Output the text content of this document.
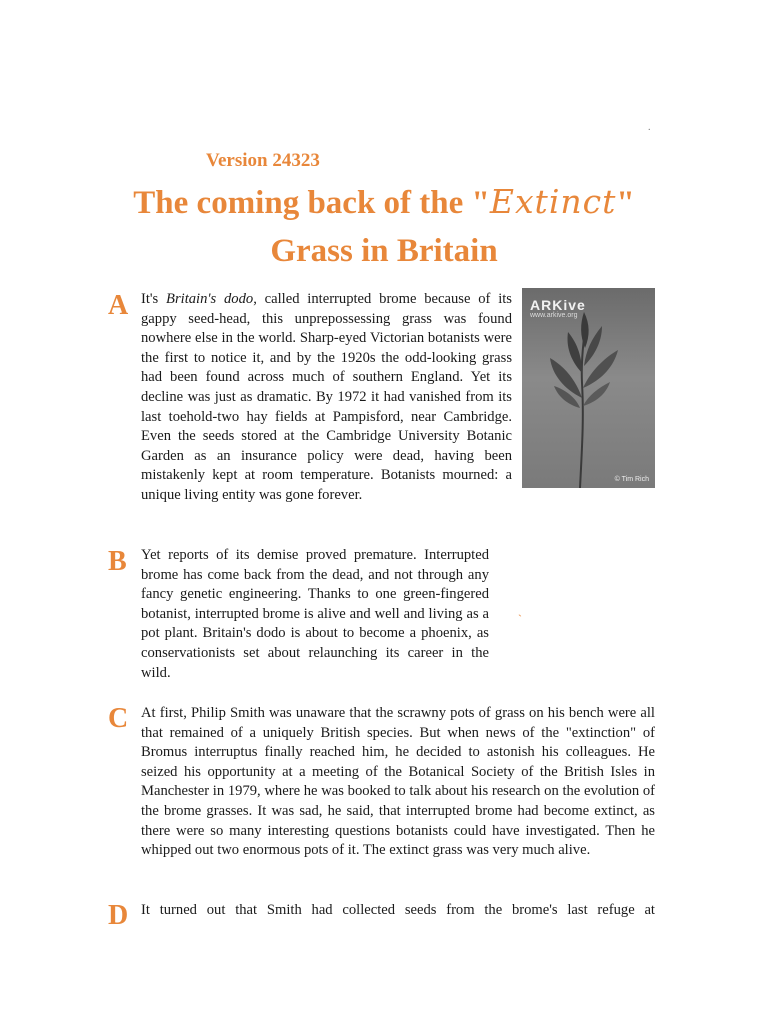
.
Version 24323
The coming back of the "Extinct"
Grass in Britain
A It's Britain's dodo, called interrupted brome because of its gappy seed-head, this unprepossessing grass was found nowhere else in the world. Sharp-eyed Victorian botanists were the first to notice it, and by the 1920s the odd-looking grass had been found across much of southern England. Yet its decline was just as dramatic. By 1972 it had vanished from its last toehold-two hay fields at Pampisford, near Cambridge. Even the seeds stored at the Cambridge University Botanic Garden as an insurance policy were dead, having been mistakenly kept at room temperature. Botanists mourned: a unique living entity was gone forever.
ARKive
www.arkive.org
© Tim Rich
B Yet reports of its demise proved premature. Interrupted brome has come back from the dead, and not through any fancy genetic engineering. Thanks to one green-fingered botanist, interrupted brome is alive and well and living as a pot plant. Britain's dodo is about to become a phoenix, as conservationists set about relaunching its career in the wild.
`
C At first, Philip Smith was unaware that the scrawny pots of grass on his bench were all that remained of a uniquely British species. But when news of the "extinction" of Bromus interruptus finally reached him, he decided to astonish his colleagues. He seized his opportunity at a meeting of the Botanical Society of the British Isles in Manchester in 1979, where he was booked to talk about his research on the evolution of the brome grasses. It was sad, he said, that interrupted brome had become extinct, as there were so many interesting questions botanists could have investigated. Then he whipped out two enormous pots of it. The extinct grass was very much alive.
D It turned out that Smith had collected seeds from the brome's last refuge at
